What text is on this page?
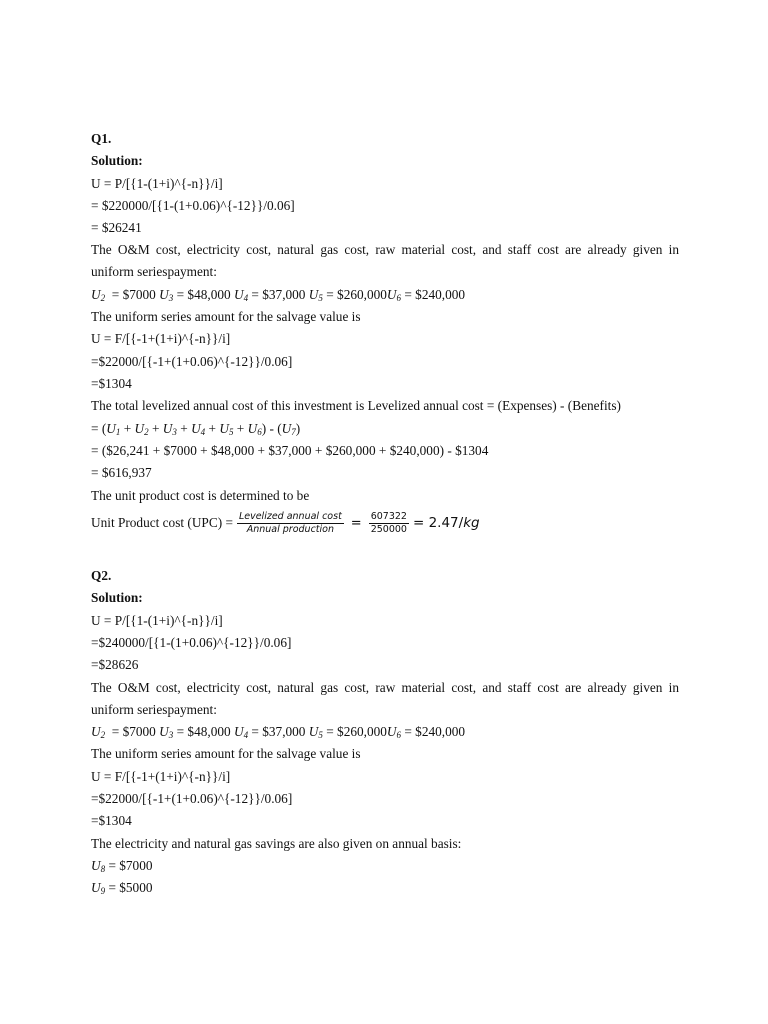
Q1.
Solution:
U = P/[{1-(1+i)^{-n}}/i]
= $220000/[{1-(1+0.06)^{-12}}/0.06]
= $26241
The O&M cost, electricity cost, natural gas cost, raw material cost, and staff cost are already given in
uniform seriespayment:
$U_2$ = $7000 $U_3$ = $48,000 $U_4$ = $37,000 $U_5$ = $\$260,000U_6$ = $240,000
The uniform series amount for the salvage value is
U = F/[{-1+(1+i)^{-n}}/i]
=$22000/[{-1+(1+0.06)^{-12}}/0.06]
=$1304
The total levelized annual cost of this investment is Levelized annual cost = (Expenses) - (Benefits)
= $(U_1 + U_2 + U_3 + U_4 + U_5 + U_6) - (U_7)$
= ($26,241 + $7000 + $48,000 + $37,000 + $260,000 + $240,000) - $1304
= $616,937
The unit product cost is determined to be
Unit Product cost $(UPC) = \frac{\text{Levelized annual cost}}{\text{Annual production}} = \frac{607322}{250000} = 2.47/kg$
Q2.
Solution:
U = P/[{1-(1+i)^{-n}}/i]
=$240000/[{1-(1+0.06)^{-12}}/0.06]
=$28626
The O&M cost, electricity cost, natural gas cost, raw material cost, and staff cost are already given in
uniform seriespayment:
$U_2$ = $7000 $U_3$ = $48,000 $U_4$ = $37,000 $U_5$ = $\$260,000U_6$ = $240,000
The uniform series amount for the salvage value is
U = F/[{-1+(1+i)^{-n}}/i]
=$22000/[{-1+(1+0.06)^{-12}}/0.06]
=$1304
The electricity and natural gas savings are also given on annual basis:
$U_8$ = $7000
$U_9$ = $5000
